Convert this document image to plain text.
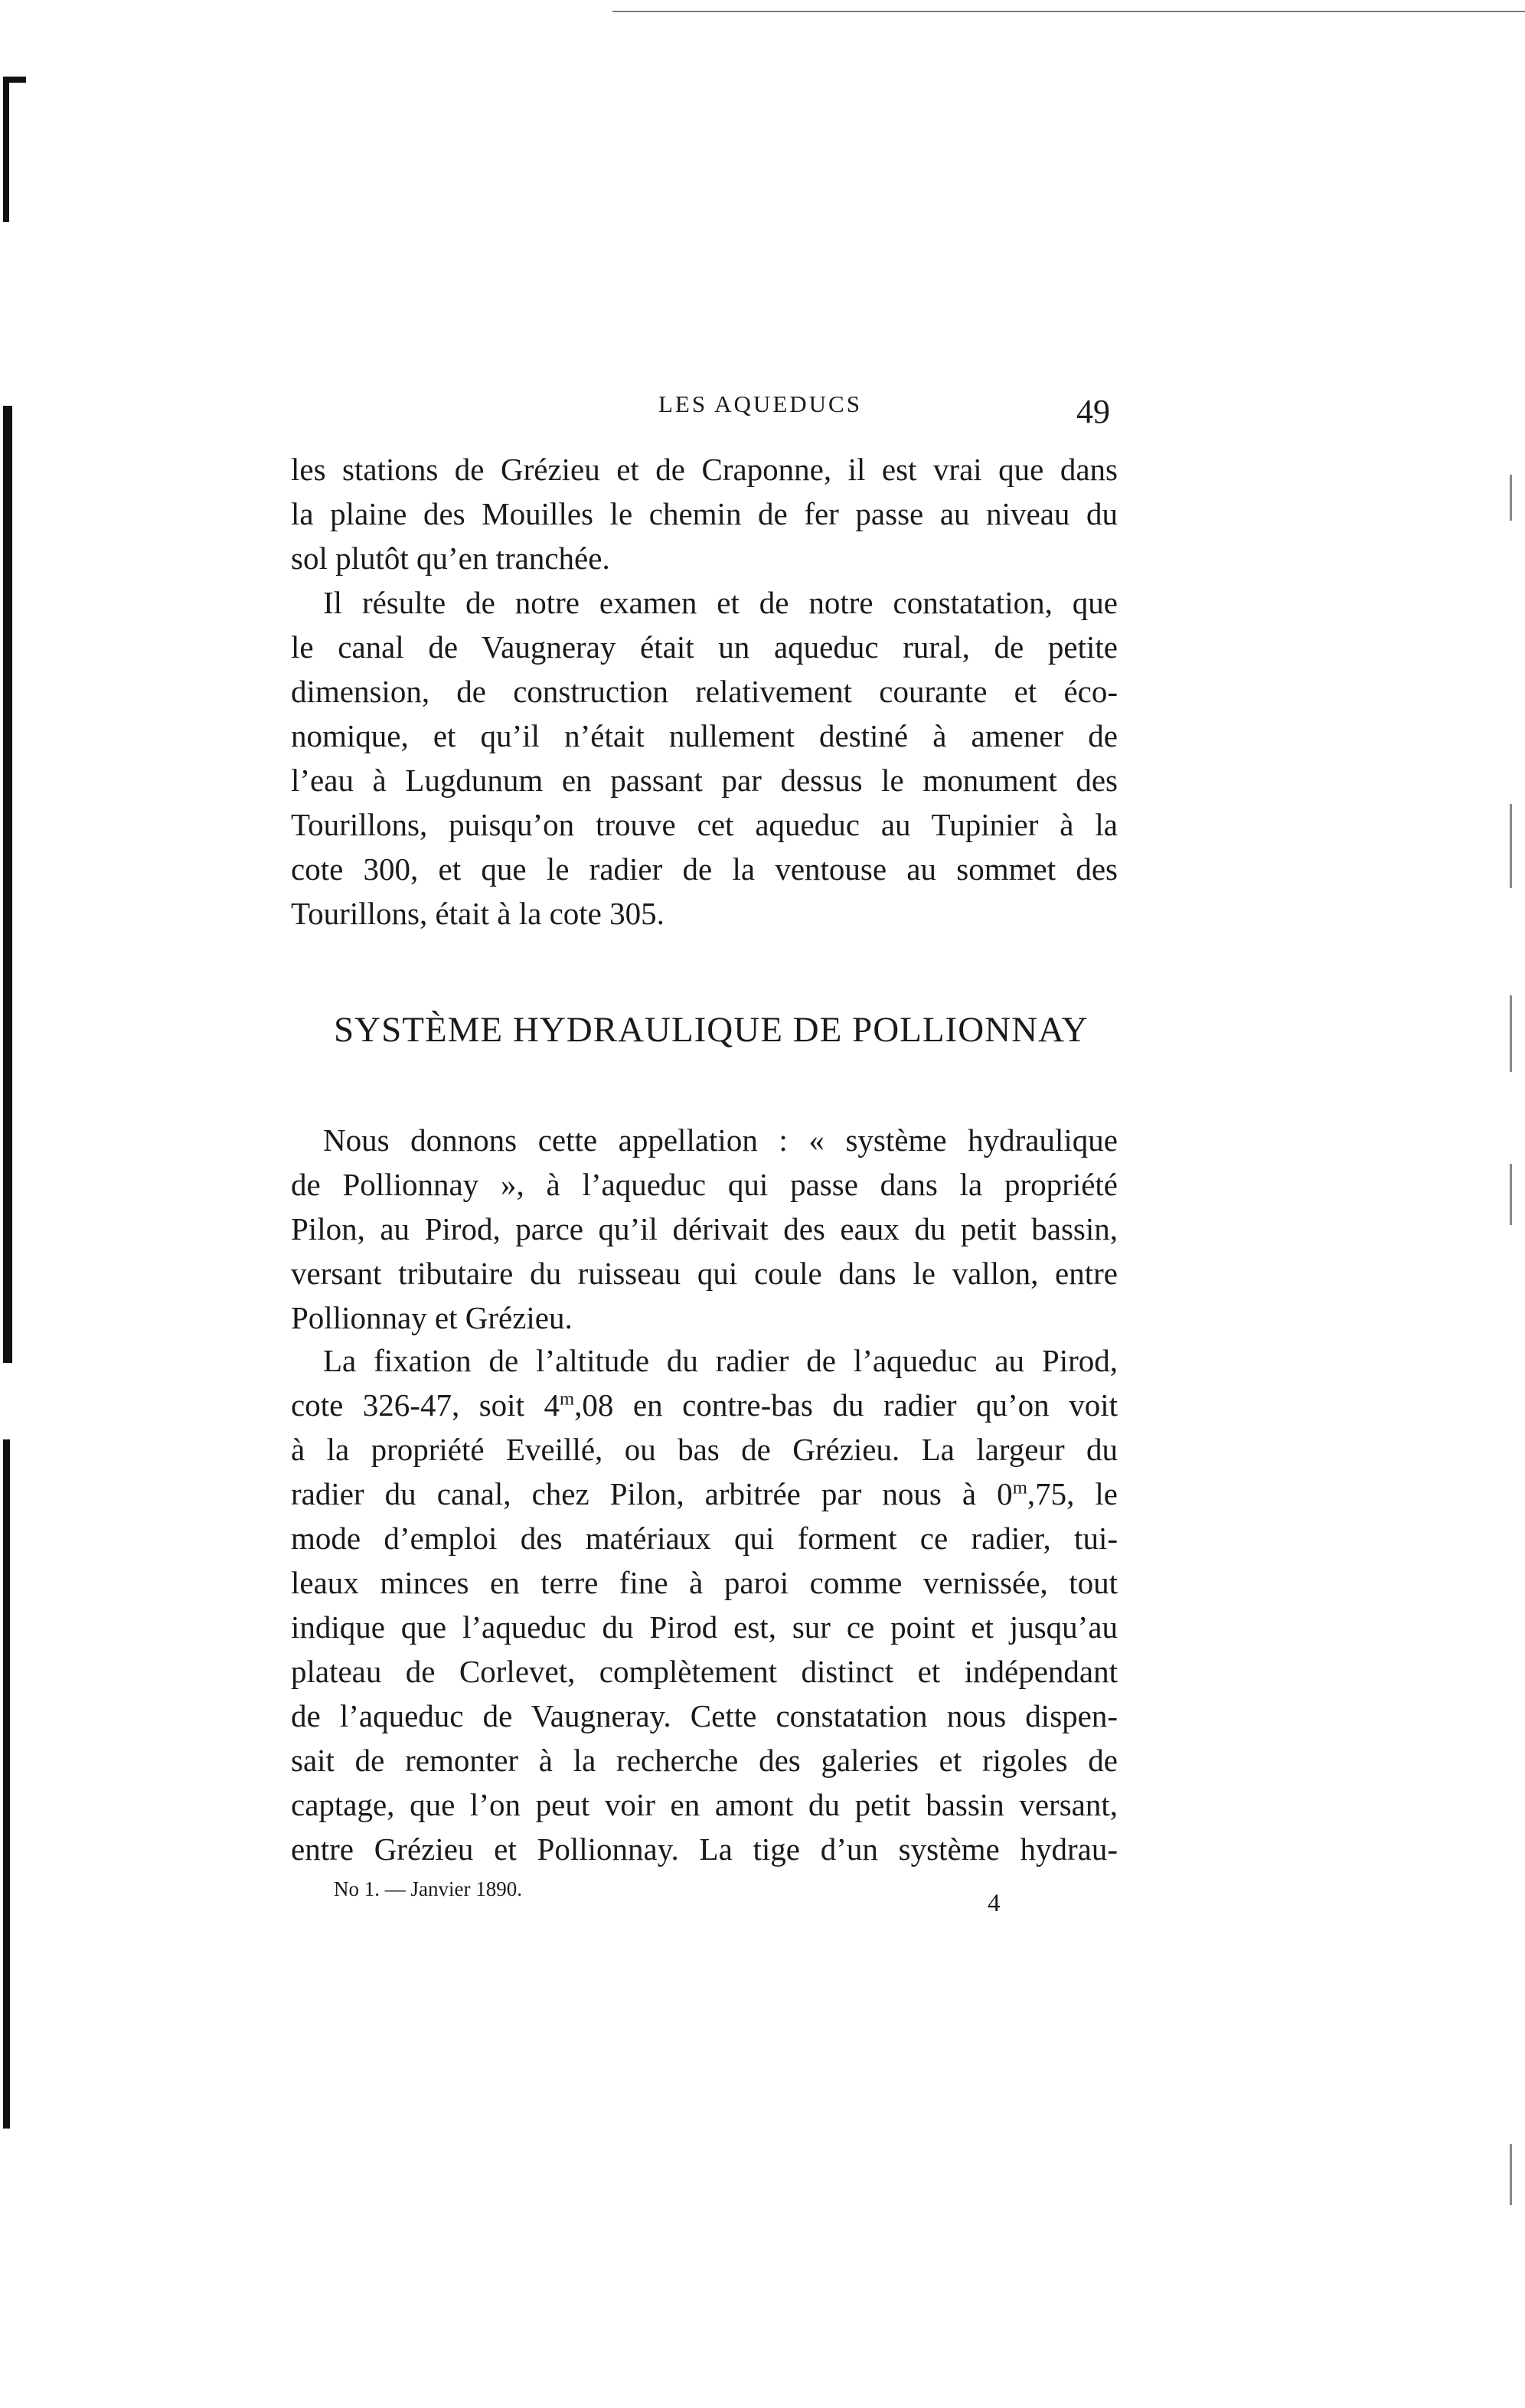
LES AQUEDUCS	49
les stations de Grézieu et de Craponne, il est vrai que dans
la plaine des Mouilles le chemin de fer passe au niveau du
sol plutôt qu’en tranchée.
Il résulte de notre examen et de notre constatation, que
le canal de Vaugneray était un aqueduc rural, de petite
dimension, de construction relativement courante et éco-
nomique, et qu’il n’était nullement destiné à amener de
l’eau à Lugdunum en passant par dessus le monument des
Tourillons, puisqu’on trouve cet aqueduc au Tupinier à la
cote 300, et que le radier de la ventouse au sommet des
Tourillons, était à la cote 305.
SYSTÈME HYDRAULIQUE DE POLLIONNAY
Nous donnons cette appellation : « système hydraulique
de Pollionnay », à l’aqueduc qui passe dans la propriété
Pilon, au Pirod, parce qu’il dérivait des eaux du petit bassin,
versant tributaire du ruisseau qui coule dans le vallon, entre
Pollionnay et Grézieu.
La fixation de l’altitude du radier de l’aqueduc au Pirod,
cote 326-47, soit 4$^m$,08 en contre-bas du radier qu’on voit
à la propriété Eveillé, ou bas de Grézieu. La largeur du
radier du canal, chez Pilon, arbitrée par nous à 0$^m$,75, le
mode d’emploi des matériaux qui forment ce radier, tui-
leaux minces en terre fine à paroi comme vernissée, tout
indique que l’aqueduc du Pirod est, sur ce point et jusqu’au
plateau de Corlevet, complètement distinct et indépendant
de l’aqueduc de Vaugneray. Cette constatation nous dispen-
sait de remonter à la recherche des galeries et rigoles de
captage, que l’on peut voir en amont du petit bassin versant,
entre Grézieu et Pollionnay. La tige d’un système hydrau-
No 1. — Janvier 1890.
4
